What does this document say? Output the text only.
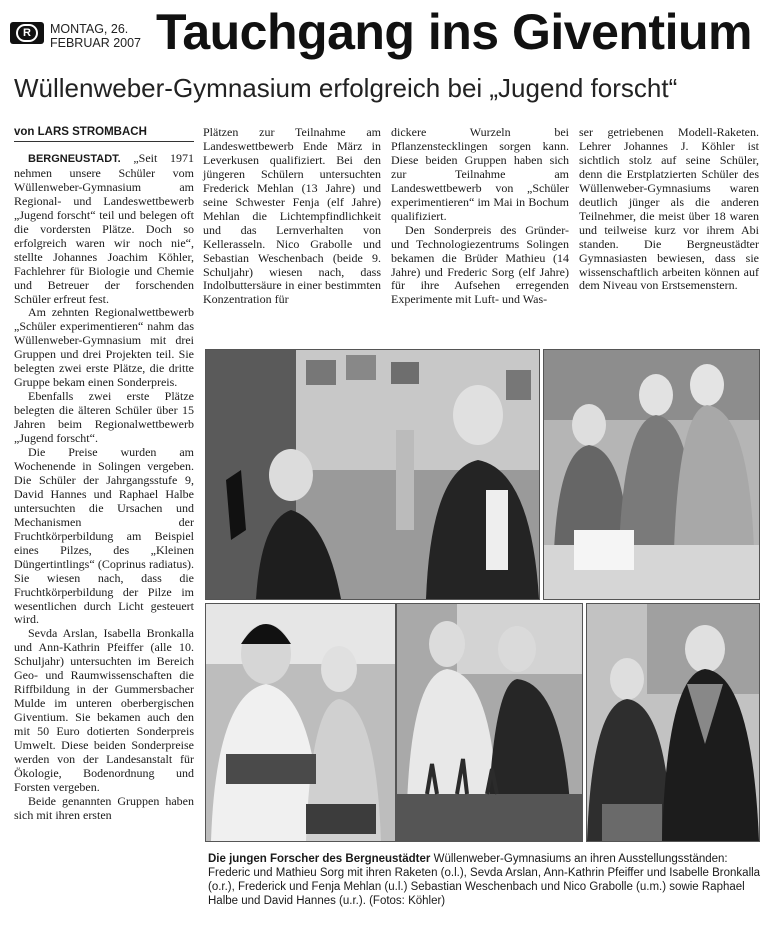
R	MONTAG, 26.
FEBRUAR 2007 Tauchgang ins Giventium
Wüllenweber-Gymnasium erfolgreich bei „Jugend forscht“
von LARS STROMBACH

BERGNEUSTADT. „Seit 1971 nehmen unsere Schüler vom Wüllenweber-Gymnasium am Regional- und Landeswettbewerb „Jugend forscht“ teil und belegen oft die vordersten Plätze. Doch so erfolgreich waren wir noch nie“, stellte Johannes Joachim Köhler, Fachlehrer für Biologie und Chemie und Betreuer der forschenden Schüler erfreut fest.

Am zehnten Regionalwettbewerb „Schüler experimentieren“ nahm das Wüllenweber-Gymnasium mit drei Gruppen und drei Projekten teil. Sie belegten zwei erste Plätze, die dritte Gruppe bekam einen Sonderpreis.

Ebenfalls zwei erste Plätze belegten die älteren Schüler über 15 Jahren beim Regionalwettbewerb „Jugend forscht“.

Die Preise wurden am Wochenende in Solingen vergeben. Die Schüler der Jahrgangsstufe 9, David Hannes und Raphael Halbe untersuchten die Ursachen und Mechanismen der Fruchtkörperbildung am Beispiel eines Pilzes, des „Kleinen Düngertintlings“ (Coprinus radiatus). Sie wiesen nach, dass die Fruchtkörperbildung der Pilze im wesentlichen durch Licht gesteuert wird.

Sevda Arslan, Isabella Bronkalla und Ann-Kathrin Pfeiffer (alle 10. Schuljahr) untersuchten im Bereich Geo- und Raumwissenschaften die Riffbildung in der Gummersbacher Mulde im unteren oberbergischen Giventium. Sie bekamen auch den mit 50 Euro dotierten Sonderpreis Umwelt. Diese beiden Sonderpreise werden von der Landesanstalt für Ökologie, Bodenordnung und Forsten vergeben.

Beide genannten Gruppen haben sich mit ihren ersten

Plätzen zur Teilnahme am Landeswettbewerb Ende März in Leverkusen qualifiziert. Bei den jüngeren Schülern untersuchten Frederick Mehlan (13 Jahre) und seine Schwester Fenja (elf Jahre) Mehlan die Lichtempfindlichkeit und das Lernverhalten von Kellerasseln. Nico Grabolle und Sebastian Weschenbach (beide 9. Schuljahr) wiesen nach, dass Indolbuttersäure in einer bestimmten Konzentration für

dickere Wurzeln bei Pflanzenstecklingen sorgen kann. Diese beiden Gruppen haben sich zur Teilnahme am Landeswettbewerb von „Schüler experimentieren“ im Mai in Bochum qualifiziert.

Den Sonderpreis des Gründer- und Technologiezentrums Solingen bekamen die Brüder Mathieu (14 Jahre) und Frederic Sorg (elf Jahre) für ihre Aufsehen erregenden Experimente mit Luft- und Was-

ser getriebenen Modell-Raketen. Lehrer Johannes J. Köhler ist sichtlich stolz auf seine Schüler, denn die Erstplatzierten Schüler des Wüllenweber-Gymnasiums waren deutlich jünger als die anderen Teilnehmer, die meist über 18 waren und teilweise kurz vor ihrem Abi standen. Die Bergneustädter Gymnasiasten bewiesen, dass sie wissenschaftlich arbeiten können auf dem Niveau von Erstsemenstern.

Die jungen Forscher des Bergneustädter Wüllenweber-Gymnasiums an ihren Ausstellungsständen: Frederic und Mathieu Sorg mit ihren Raketen (o.l.), Sevda Arslan, Ann-Kathrin Pfeiffer und Isabelle Bronkalla (o.r.), Frederick und Fenja Mehlan (u.l.) Sebastian Weschenbach und Nico Grabolle (u.m.) sowie Raphael Halbe und David Hannes (u.r.). (Fotos: Köhler)
